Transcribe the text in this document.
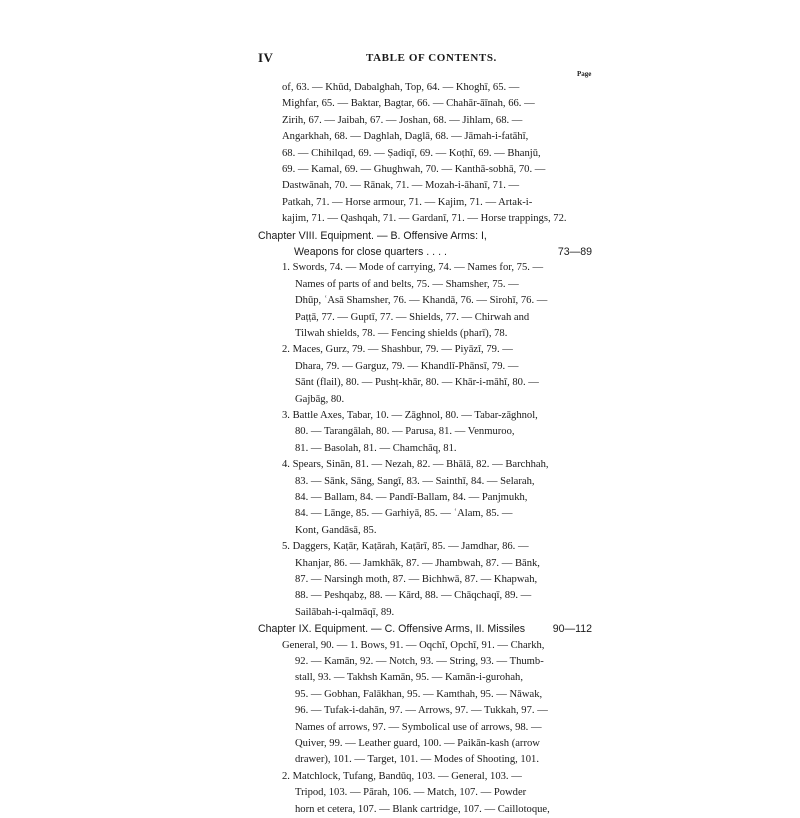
IV	TABLE OF CONTENTS.
Page
of, 63. — Khūd, Dabalghah, Top, 64. — Khoghī, 65. —
Mighfar, 65. — Baktar, Bagtar, 66. — Chahār-āīnah, 66. —
Zirih, 67. — Jaibah, 67. — Joshan, 68. — Jihlam, 68. —
Angarkhah, 68. — Daghlah, Daglā, 68. — Jāmah-i-fatāhī,
68. — Chihilqad, 69. — Ṣadiqī, 69. — Koṭhī, 69. — Bhanjū,
69. — Kamal, 69. — Ghughwah, 70. — Kanthā-sobhā, 70. —
Dastwānah, 70. — Rānak, 71. — Mozah-i-āhanī, 71. —
Patkah, 71. — Horse armour, 71. — Kajim, 71. — Artak-i-
kajim, 71. — Qashqah, 71. — Gardanī, 71. — Horse trappings, 72.
Chapter VIII. Equipment. — B. Offensive Arms: I,
Weapons for close quarters . . . .	73—89
1. Swords, 74. — Mode of carrying, 74. — Names for, 75. —
Names of parts of and belts, 75. — Shamsher, 75. —
Dhūp, ʿAsā Shamsher, 76. — Khandā, 76. — Sirohī, 76. —
Paṭṭā, 77. — Guptī, 77. — Shields, 77. — Chirwah and
Tilwah shields, 78. — Fencing shields (pharī), 78.
2. Maces, Gurz, 79. — Shashbur, 79. — Piyāzī, 79. —
Dhara, 79. — Garguz, 79. — Khandlī-Phānsī, 79. —
Sānt (flail), 80. — Pushṭ-khār, 80. — Khār-i-māhī, 80. —
Gajbāg, 80.
3. Battle Axes, Tabar, 10. — Zāghnol, 80. — Tabar-zāghnol,
80. — Tarangālah, 80. — Parusa, 81. — Venmuroo,
81. — Basolah, 81. — Chamchāq, 81.
4. Spears, Sinān, 81. — Nezah, 82. — Bhālā, 82. — Barchhah,
83. — Sānk, Sāng, Sangī, 83. — Sainthī, 84. — Selarah,
84. — Ballam, 84. — Pandī-Ballam, 84. — Panjmukh,
84. — Lānge, 85. — Garhiyā, 85. — ʿAlam, 85. —
Kont, Gandāsā, 85.
5. Daggers, Kaṭār, Kaṭārah, Kaṭārī, 85. — Jamdhar, 86. —
Khanjar, 86. — Jamkhāk, 87. — Jhambwah, 87. — Bānk,
87. — Narsingh moth, 87. — Bichhwā, 87. — Khapwah,
88. — Peshqabẓ, 88. — Kārd, 88. — Chāqchaqī, 89. —
Sailābah-i-qalmāqī, 89.
Chapter IX. Equipment. — C. Offensive Arms, II. Missiles	90—112
General, 90. — 1. Bows, 91. — Oqchī, Opchī, 91. — Charkh,
92. — Kamān, 92. — Notch, 93. — String, 93. — Thumb-
stall, 93. — Takhsh Kamān, 95. — Kamān-i-gurohah,
95. — Gobhan, Falākhan, 95. — Kamthah, 95. — Nāwak,
96. — Tufak-i-dahān, 97. — Arrows, 97. — Tukkah, 97. —
Names of arrows, 97. — Symbolical use of arrows, 98. —
Quiver, 99. — Leather guard, 100. — Paikān-kash (arrow
drawer), 101. — Target, 101. — Modes of Shooting, 101.
2. Matchlock, Tufang, Bandūq, 103. — General, 103. —
Tripod, 103. — Pārah, 106. — Match, 107. — Powder
horn et cetera, 107. — Blank cartridge, 107. — Caillotoque,
